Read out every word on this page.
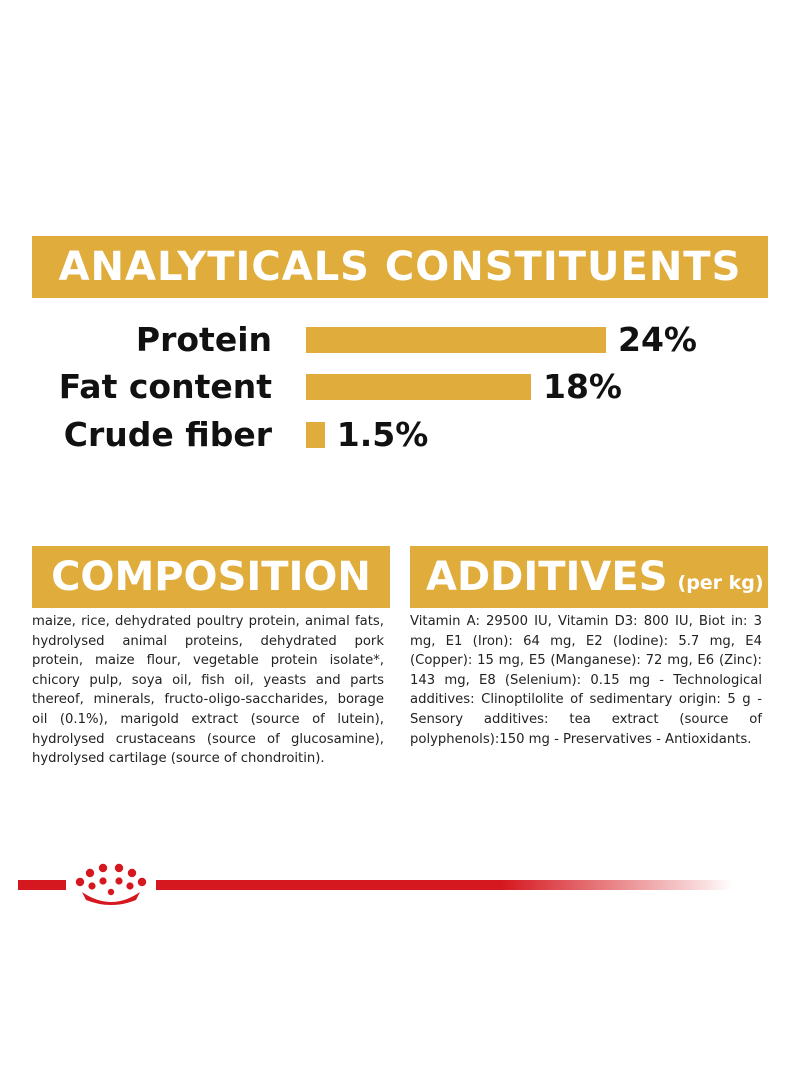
ANALYTICALS CONSTITUENTS
Protein	24%
Fat content	18%
Crude fiber 1.5%
COMPOSITION
maize, rice, dehydrated poultry protein, animal fats, hydrolysed animal proteins, dehydrated pork protein, maize flour, vegetable protein isolate*, chicory pulp, soya oil, fish oil, yeasts and parts thereof, minerals, fructo-oligo-saccharides, borage oil (0.1%), marigold extract (source of lutein), hydrolysed crustaceans (source of glucosamine), hydrolysed cartilage (source of chondroitin).
ADDITIVES (per kg)
Vitamin A: 29500 IU, Vitamin D3: 800 IU, Biot in: 3 mg, E1 (Iron): 64 mg, E2 (Iodine): 5.7 mg, E4 (Copper): 15 mg, E5 (Manganese): 72 mg, E6 (Zinc): 143 mg, E8 (Selenium): 0.15 mg - Technological additives: Clinoptilolite of sedimentary origin: 5 g - Sensory additives: tea extract (source of polyphenols):150 mg - Preservatives - Antioxidants.
